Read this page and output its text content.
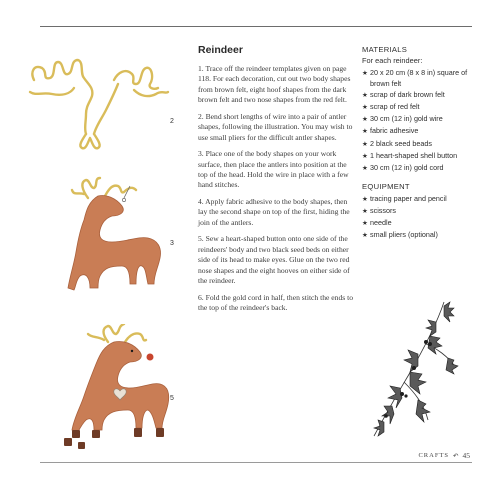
2
3
5
Reindeer
1. Trace off the reindeer templates given on page 118. For each decoration, cut out two body shapes from brown felt, eight hoof shapes from the dark brown felt and two nose shapes from the red felt.
2. Bend short lengths of wire into a pair of antler shapes, following the illustration. You may wish to use small pliers for the difficult antler shapes.
3. Place one of the body shapes on your work surface, then place the antlers into position at the top of the head. Hold the wire in place with a few hand stitches.
4. Apply fabric adhesive to the body shapes, then lay the second shape on top of the first, hiding the join of the antlers.
5. Sew a heart-shaped button onto one side of the reindeers' body and two black seed beds on either side of its head to make eyes. Glue on the two red nose shapes and the eight hooves on either side of the reindeer.
6. Fold the gold cord in half, then stitch the ends to the top of the reindeer's back.
MATERIALS
For each reindeer:
★ 20 x 20 cm (8 x 8 in) square of brown felt
★ scrap of dark brown felt
★ scrap of red felt
★ 30 cm (12 in) gold wire
★ fabric adhesive
★ 2 black seed beads
★ 1 heart-shaped shell button
★ 30 cm (12 in) gold cord
EQUIPMENT
★ tracing paper and pencil
★ scissors
★ needle
★ small pliers (optional)
CRAFTS ↶ 45
